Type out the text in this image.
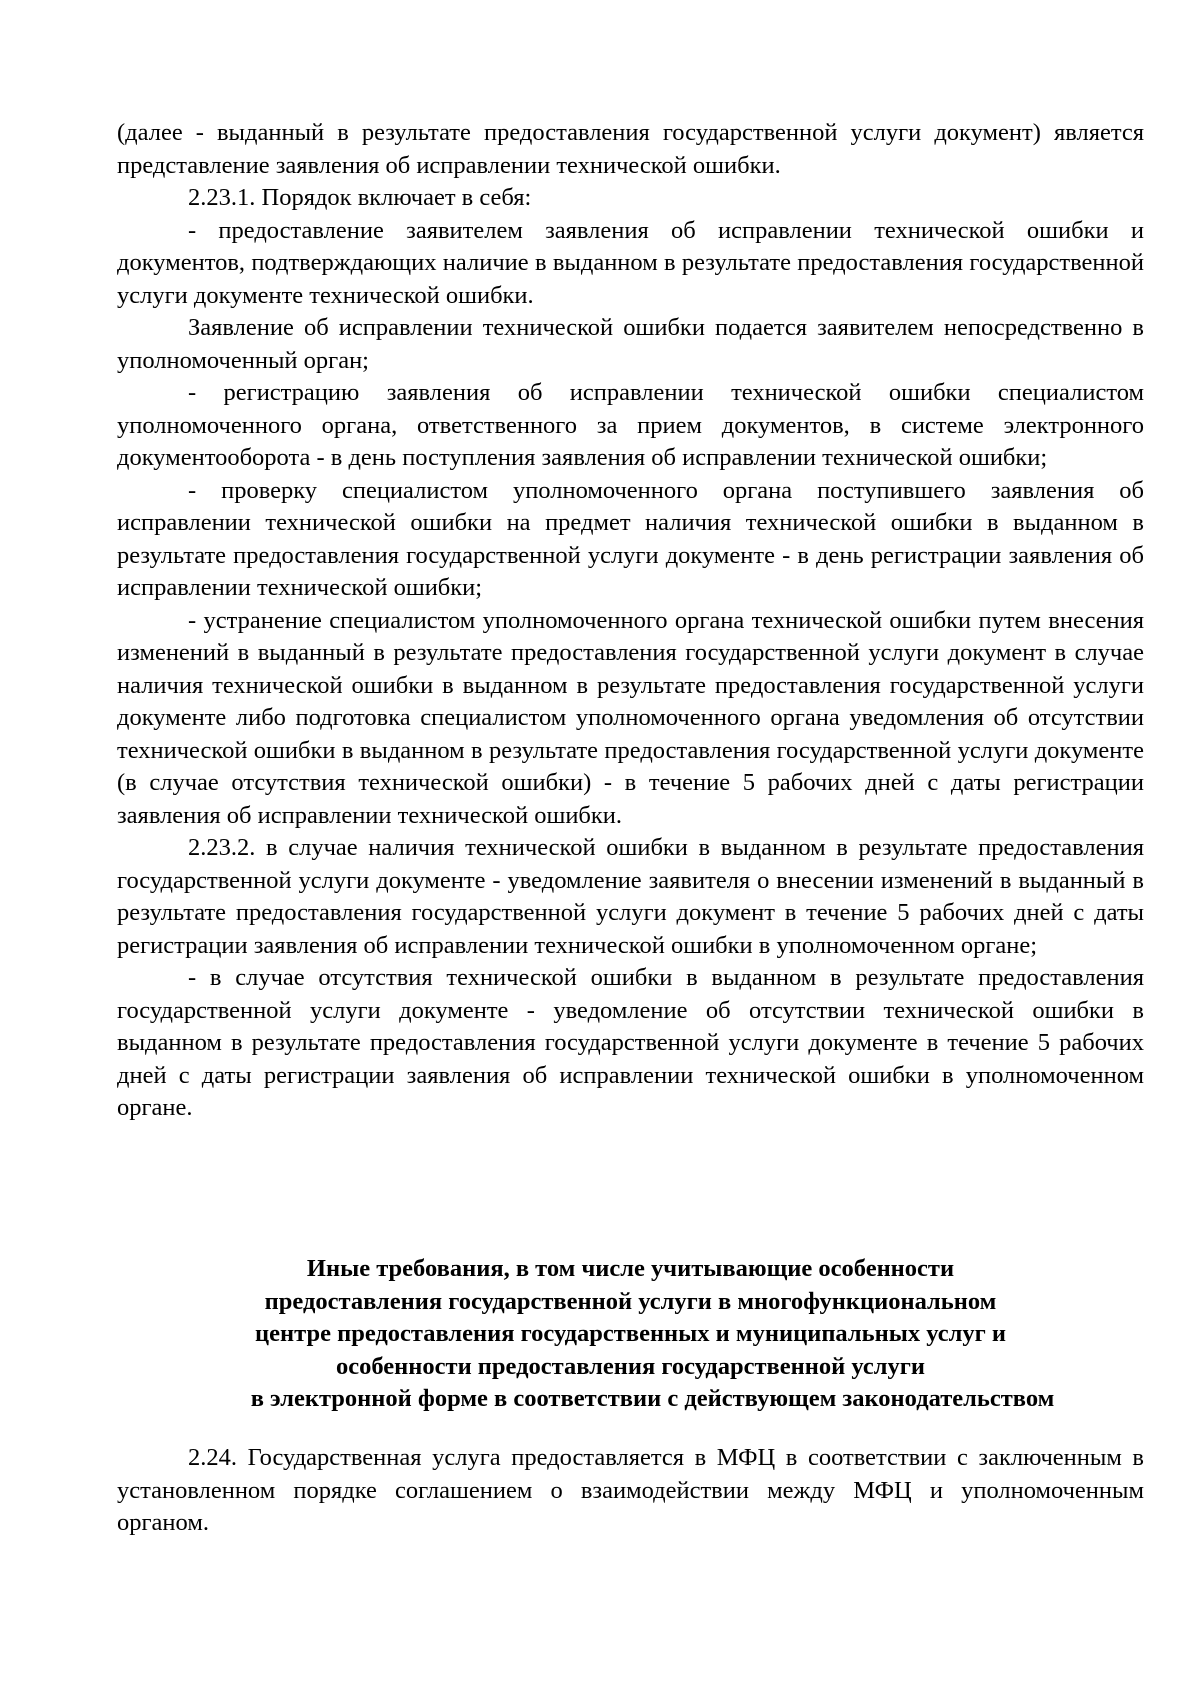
(далее - выданный в результате предоставления государственной услуги документ) является представление заявления об исправлении технической ошибки.

2.23.1. Порядок включает в себя:

- предоставление заявителем заявления об исправлении технической ошибки и документов, подтверждающих наличие в выданном в результате предоставления государственной услуги документе технической ошибки.

Заявление об исправлении технической ошибки подается заявителем непосредственно в уполномоченный орган;

- регистрацию заявления об исправлении технической ошибки специалистом уполномоченного органа, ответственного за прием документов, в системе электронного документооборота - в день поступления заявления об исправлении технической ошибки;

- проверку специалистом уполномоченного органа поступившего заявления об исправлении технической ошибки на предмет наличия технической ошибки в выданном в результате предоставления государственной услуги документе - в день регистрации заявления об исправлении технической ошибки;

- устранение специалистом уполномоченного органа технической ошибки путем внесения изменений в выданный в результате предоставления государственной услуги документ в случае наличия технической ошибки в выданном в результате предоставления государственной услуги документе либо подготовка специалистом уполномоченного органа уведомления об отсутствии технической ошибки в выданном в результате предоставления государственной услуги документе (в случае отсутствия технической ошибки) - в течение 5 рабочих дней с даты регистрации заявления об исправлении технической ошибки.

2.23.2. в случае наличия технической ошибки в выданном в результате предоставления государственной услуги документе - уведомление заявителя о внесении изменений в выданный в результате предоставления государственной услуги документ в течение 5 рабочих дней с даты регистрации заявления об исправлении технической ошибки в уполномоченном органе;

- в случае отсутствия технической ошибки в выданном в результате предоставления государственной услуги документе - уведомление об отсутствии технической ошибки в выданном в результате предоставления государственной услуги документе в течение 5 рабочих дней с даты регистрации заявления об исправлении технической ошибки в уполномоченном органе.

Иные требования, в том числе учитывающие особенности
предоставления государственной услуги в многофункциональном
центре предоставления государственных и муниципальных услуг и
особенности предоставления государственной услуги
в электронной форме в соответствии с действующем законодательством

2.24. Государственная услуга предоставляется в МФЦ в соответствии с заключенным в установленном порядке соглашением о взаимодействии между МФЦ и уполномоченным органом.
